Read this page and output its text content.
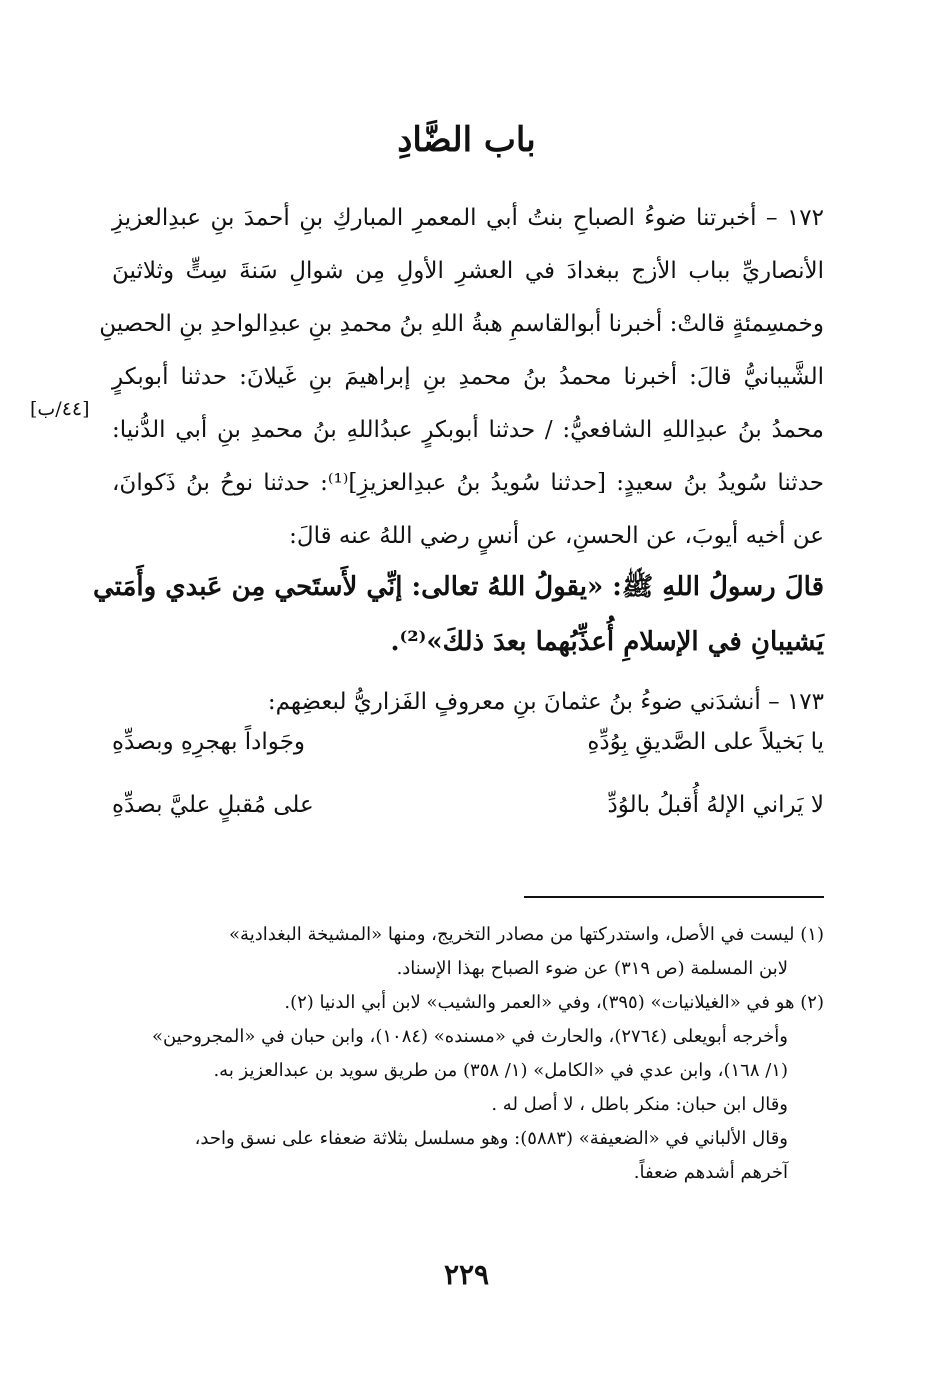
باب الضَّادِ
١٧٢ – أخبرتنا ضوءُ الصباحِ بنتُ أبي المعمرِ المباركِ بنِ أحمدَ بنِ عبدِالعزيزِ
الأنصاريِّ بباب الأزج ببغدادَ في العشرِ الأولِ مِن شوالِ سَنةَ سِتٍّ وثلاثينَ
وخمسِمئةٍ قالتْ: أخبرنا أبوالقاسمِ هبةُ اللهِ بنُ محمدِ بنِ عبدِالواحدِ بنِ الحصينِ
الشَّيبانيُّ قالَ: أخبرنا محمدُ بنُ محمدِ بنِ إبراهيمَ بنِ غَيلانَ: حدثنا أبوبكرٍ
محمدُ بنُ عبدِاللهِ الشافعيُّ: / حدثنا أبوبكرٍ عبدُاللهِ بنُ محمدِ بنِ أبي الدُّنيا:
حدثنا سُويدُ بنُ سعيدٍ: [حدثنا سُويدُ بنُ عبدِالعزيزِ]⁽¹⁾: حدثنا نوحُ بنُ ذَكوانَ،
عن أخيه أيوبَ، عن الحسنِ، عن أنسٍ رضي اللهُ عنه قالَ:
[٤٤/ب]
قالَ رسولُ اللهِ ﷺ: «يقولُ اللهُ تعالى: إنِّي لأَستَحي مِن عَبدي وأَمَتي
يَشيبانِ في الإسلامِ أُعذِّبُهما بعدَ ذلكَ»⁽²⁾.
١٧٣ – أنشدَني ضوءُ بنُ عثمانَ بنِ معروفٍ الفَزاريُّ لبعضِهم:
يا بَخيلاً على الصَّديقِ بِوُدِّهِ
وجَواداً بهجرِهِ وبصدِّهِ
لا يَراني الإلهُ أُقبلُ بالوُدِّ
على مُقبلٍ عليَّ بصدِّهِ
(١) ليست في الأصل، واستدركتها من مصادر التخريج، ومنها «المشيخة البغدادية»
لابن المسلمة (ص ٣١٩) عن ضوء الصباح بهذا الإسناد.
(٢) هو في «الغيلانيات» (٣٩٥)، وفي «العمر والشيب» لابن أبي الدنيا (٢).
وأخرجه أبويعلى (٢٧٦٤)، والحارث في «مسنده» (١٠٨٤)، وابن حبان في «المجروحين»
(١/ ١٦٨)، وابن عدي في «الكامل» (١/ ٣٥٨) من طريق سويد بن عبدالعزيز به.
وقال ابن حبان: منكر باطل ، لا أصل له .
وقال الألباني في «الضعيفة» (٥٨٨٣): وهو مسلسل بثلاثة ضعفاء على نسق واحد،
آخرهم أشدهم ضعفاً.
٢٢٩
